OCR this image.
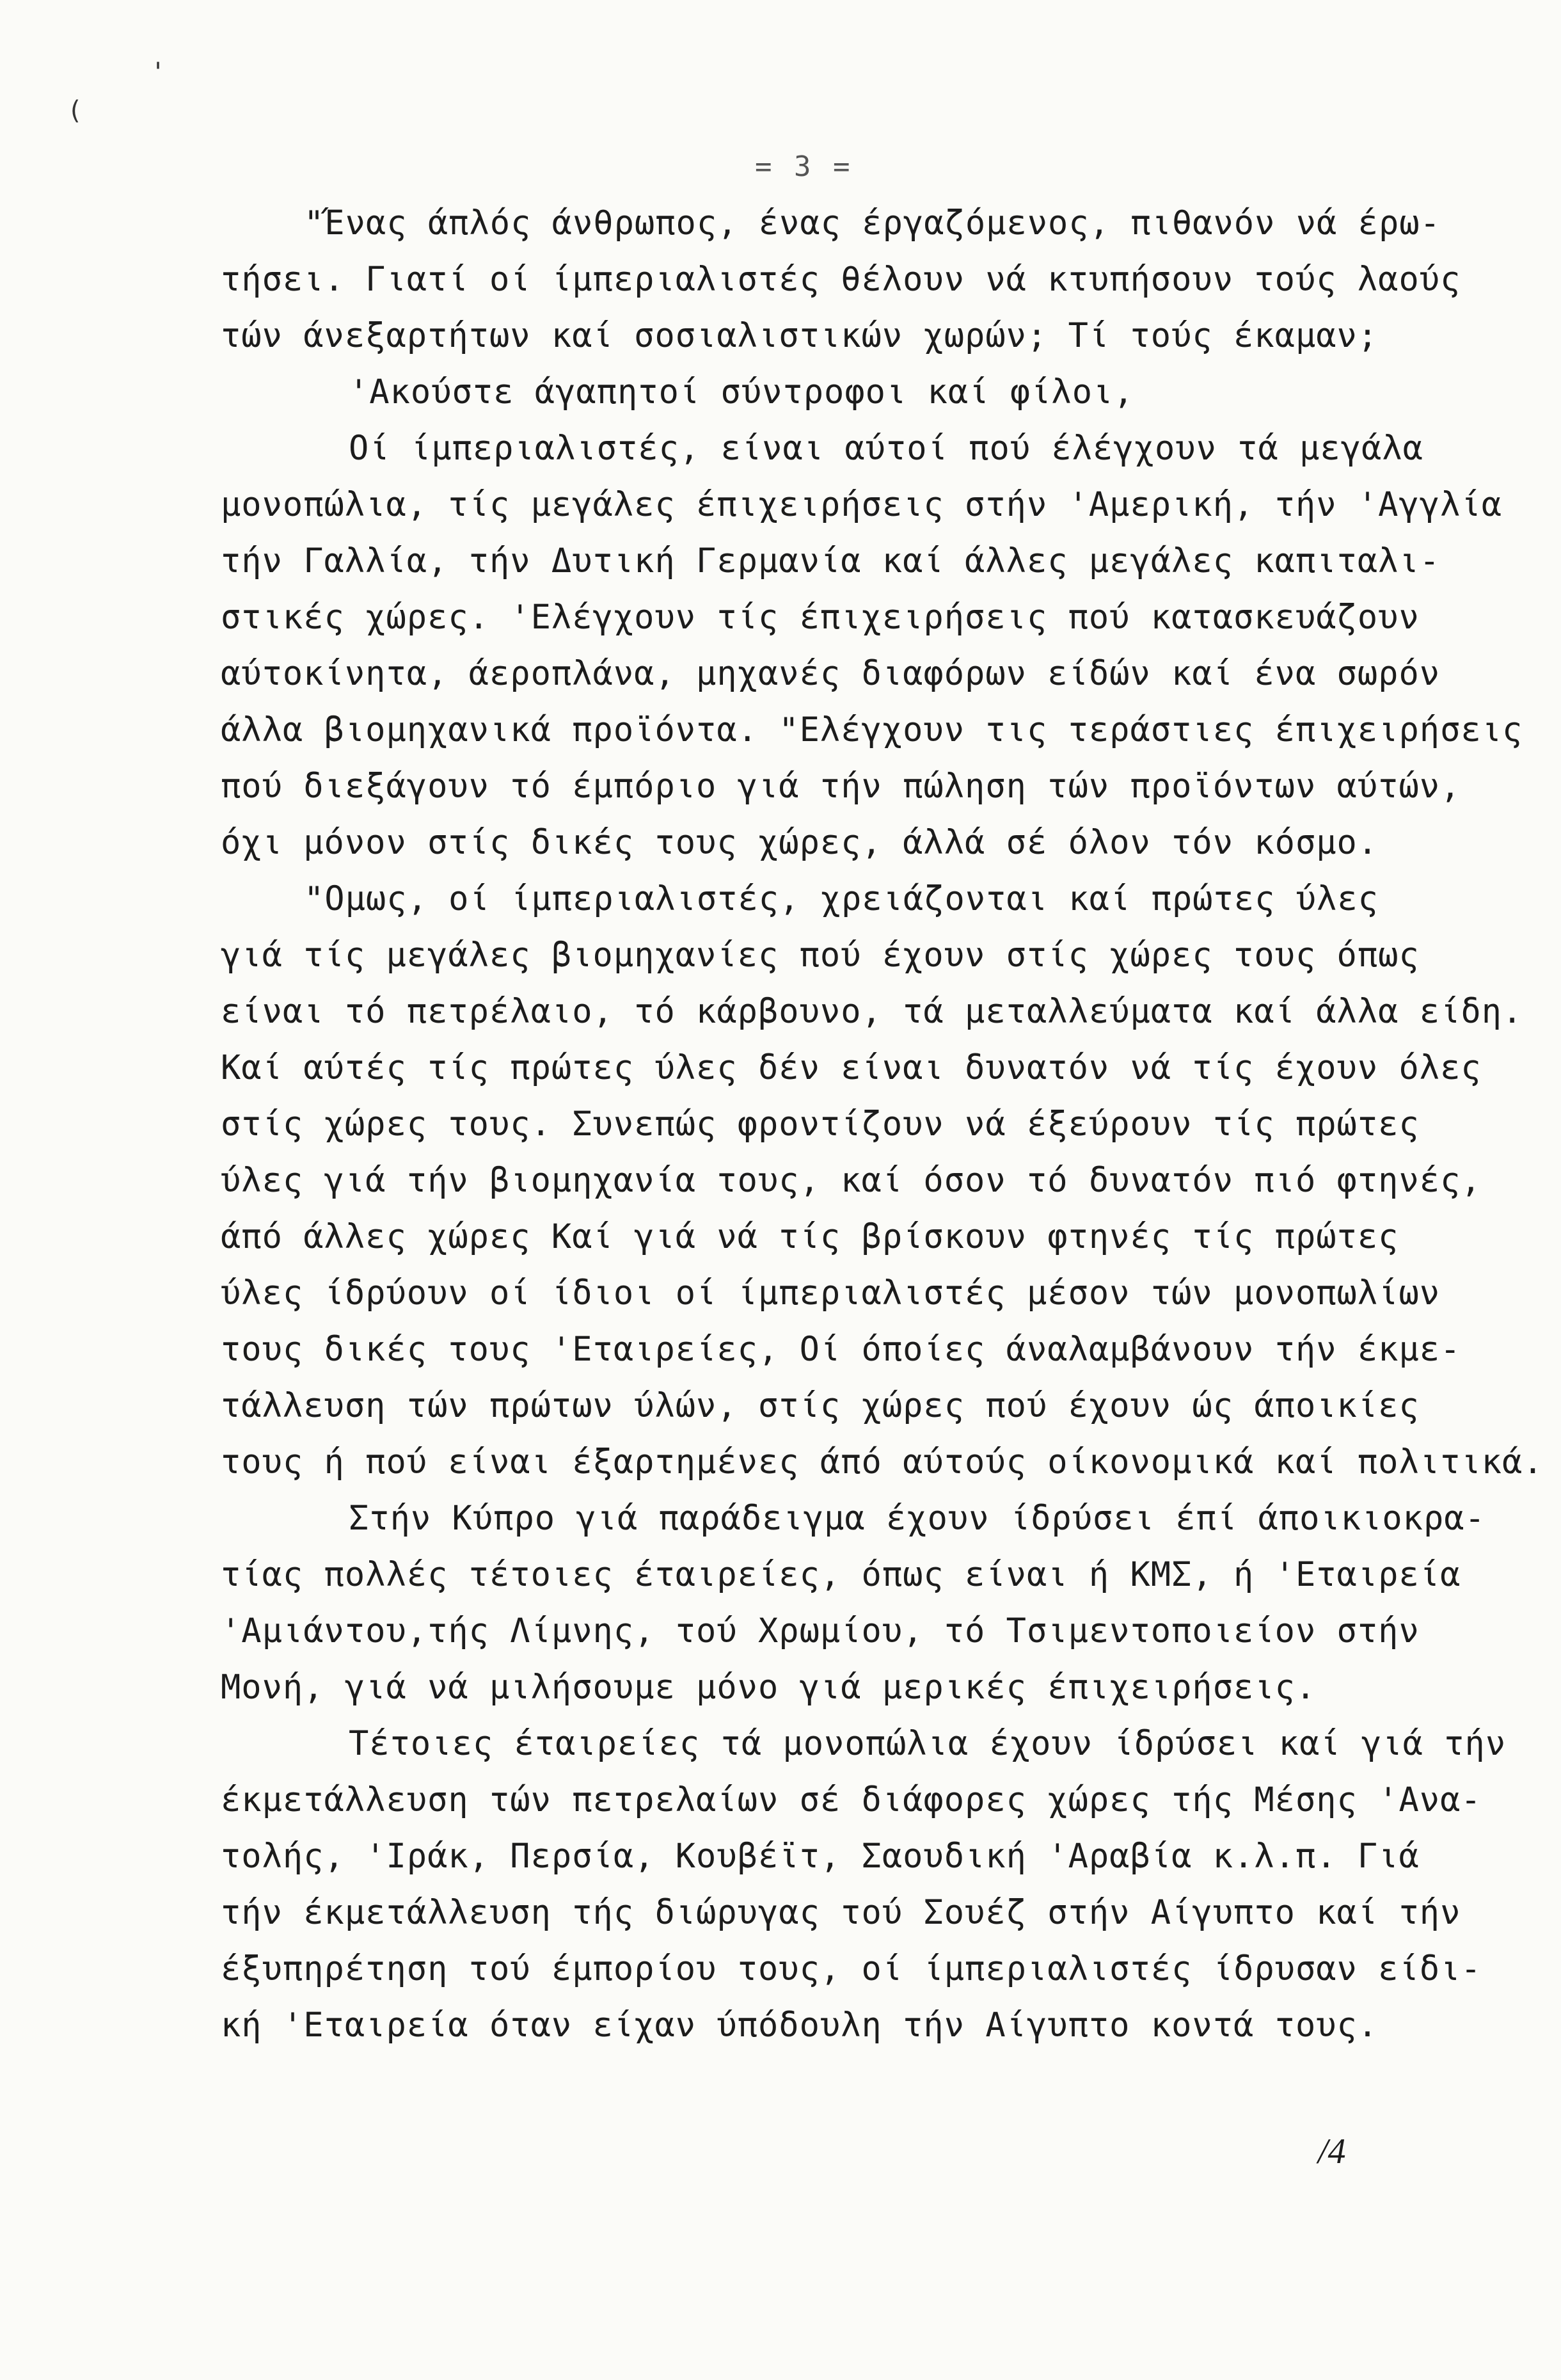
'
(
= 3 =
"Ένας άπλός άνθρωπος, ένας έργαζόμενος, πιθανόν νά έρω-
τήσει. Γιατί οί ίμπεριαλιστές θέλουν νά κτυπήσουν τούς λαούς
τών άνεξαρτήτων καί σοσιαλιστικών χωρών; Τί τούς έκαμαν;
'Ακούστε άγαπητοί σύντροφοι καί φίλοι,
Οί ίμπεριαλιστές, είναι αύτοί πού έλέγχουν τά μεγάλα
μονοπώλια, τίς μεγάλες έπιχειρήσεις στήν 'Αμερική, τήν 'Αγγλία
τήν Γαλλία, τήν Δυτική Γερμανία καί άλλες μεγάλες καπιταλι-
στικές χώρες. 'Ελέγχουν τίς έπιχειρήσεις πού κατασκευάζουν
αύτοκίνητα, άεροπλάνα, μηχανές διαφόρων είδών καί ένα σωρόν
άλλα βιομηχανικά προϊόντα. "Ελέγχουν τις τεράστιες έπιχειρήσεις
πού διεξάγουν τό έμπόριο γιά τήν πώληση τών προϊόντων αύτών,
όχι μόνον στίς δικές τους χώρες, άλλά σέ όλον τόν κόσμο.
"Ομως, οί ίμπεριαλιστές, χρειάζονται καί πρώτες ύλες
γιά τίς μεγάλες βιομηχανίες πού έχουν στίς χώρες τους όπως
είναι τό πετρέλαιο, τό κάρβουνο, τά μεταλλεύματα καί άλλα είδη.
Καί αύτές τίς πρώτες ύλες δέν είναι δυνατόν νά τίς έχουν όλες
στίς χώρες τους. Συνεπώς φροντίζουν νά έξεύρουν τίς πρώτες
ύλες γιά τήν βιομηχανία τους, καί όσον τό δυνατόν πιό φτηνές,
άπό άλλες χώρες Καί γιά νά τίς βρίσκουν φτηνές τίς πρώτες
ύλες ίδρύουν οί ίδιοι οί ίμπεριαλιστές μέσον τών μονοπωλίων
τους δικές τους 'Εταιρείες, Οί όποίες άναλαμβάνουν τήν έκμε-
τάλλευση τών πρώτων ύλών, στίς χώρες πού έχουν ώς άποικίες
τους ή πού είναι έξαρτημένες άπό αύτούς οίκονομικά καί πολιτικά.
Στήν Κύπρο γιά παράδειγμα έχουν ίδρύσει έπί άποικιοκρα-
τίας πολλές τέτοιες έταιρείες, όπως είναι ή ΚΜΣ, ή 'Εταιρεία
'Αμιάντου,τής Λίμνης, τού Χρωμίου, τό Τσιμεντοποιείον στήν
Μονή, γιά νά μιλήσουμε μόνο γιά μερικές έπιχειρήσεις.
Τέτοιες έταιρείες τά μονοπώλια έχουν ίδρύσει καί γιά τήν
έκμετάλλευση τών πετρελαίων σέ διάφορες χώρες τής Μέσης 'Ανα-
τολής, 'Ιράκ, Περσία, Κουβέϊτ, Σαουδική 'Αραβία κ.λ.π. Γιά
τήν έκμετάλλευση τής διώρυγας τού Σουέζ στήν Αίγυπτο καί τήν
έξυπηρέτηση τού έμπορίου τους, οί ίμπεριαλιστές ίδρυσαν είδι-
κή 'Εταιρεία όταν είχαν ύπόδουλη τήν Αίγυπτο κοντά τους.
/4
